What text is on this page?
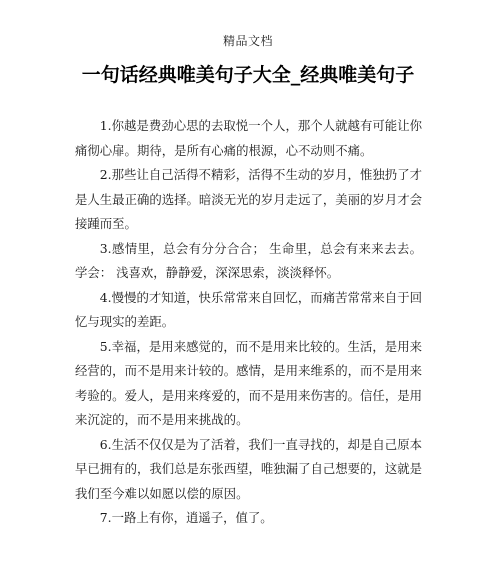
精品文档
一句话经典唯美句子大全_经典唯美句子

1.你越是费劲心思的去取悦一个人，那个人就越有可能让你痛彻心扉。期待，是所有心痛的根源，心不动则不痛。

2.那些让自己活得不精彩，活得不生动的岁月，惟独扔了才是人生最正确的选择。暗淡无光的岁月走远了，美丽的岁月才会接踵而至。

3.感情里，总会有分分合合； 生命里，总会有来来去去。 学会： 浅喜欢，静静爱，深深思索，淡淡释怀。

4.慢慢的才知道，快乐常常来自回忆，而痛苦常常来自于回忆与现实的差距。

5.幸福，是用来感觉的，而不是用来比较的。生活，是用来经营的，而不是用来计较的。感情，是用来维系的，而不是用来考验的。爱人，是用来疼爱的，而不是用来伤害的。信任，是用来沉淀的，而不是用来挑战的。

6.生活不仅仅是为了活着，我们一直寻找的，却是自己原本早已拥有的，我们总是东张西望，唯独漏了自己想要的，这就是我们至今难以如愿以偿的原因。

7.一路上有你，逍遥子，值了。
